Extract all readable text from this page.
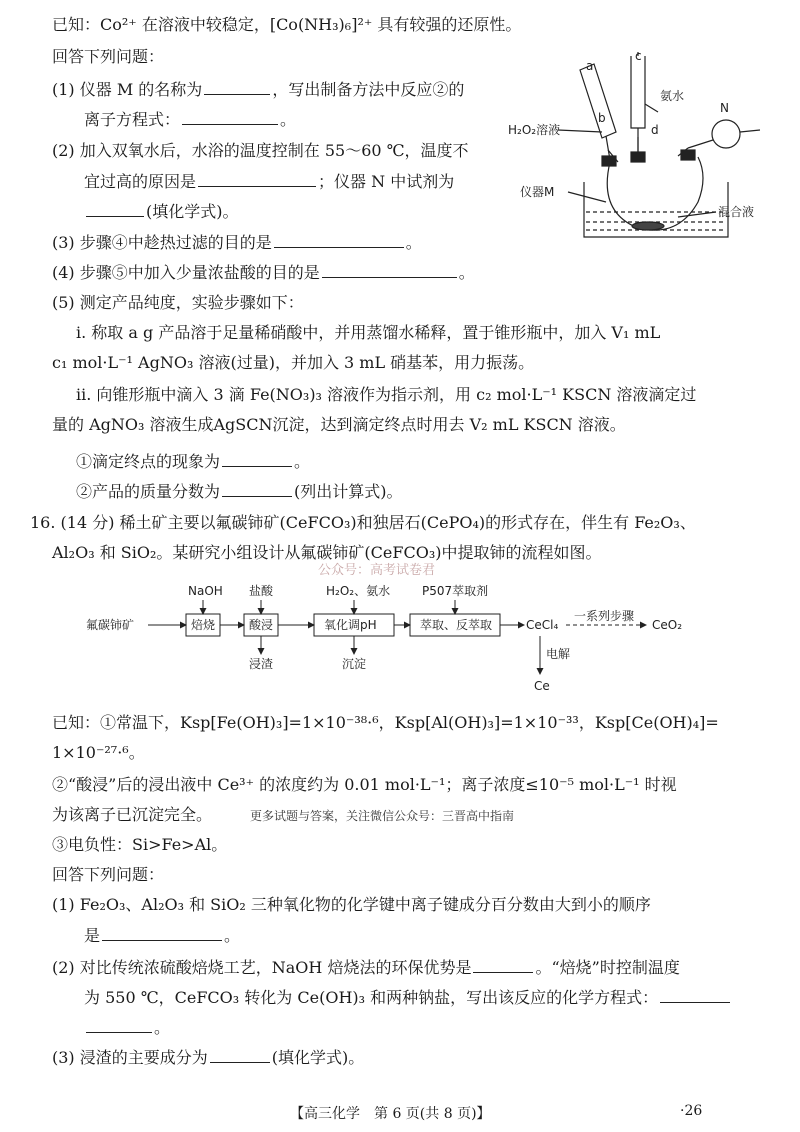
已知：Co²⁺ 在溶液中较稳定，[Co(NH₃)₆]²⁺ 具有较强的还原性。
回答下列问题：
(1) 仪器 M 的名称为	，写出制备方法中反应②的
离子方程式：	。
(2) 加入双氧水后，水浴的温度控制在 55～60 ℃，温度不
宜过高的原因是	；仪器 N 中试剂为
(填化学式)。
(3) 步骤④中趁热过滤的目的是	。
(4) 步骤⑤中加入少量浓盐酸的目的是	。
(5) 测定产品纯度，实验步骤如下：
ⅰ. 称取 a g 产品溶于足量稀硝酸中，并用蒸馏水稀释，置于锥形瓶中，加入 V₁ mL
c₁ mol·L⁻¹ AgNO₃ 溶液(过量)，并加入 3 mL 硝基苯，用力振荡。
ⅱ. 向锥形瓶中滴入 3 滴 Fe(NO₃)₃ 溶液作为指示剂，用 c₂ mol·L⁻¹ KSCN 溶液滴定过
量的 AgNO₃ 溶液生成AgSCN沉淀，达到滴定终点时用去 V₂ mL KSCN 溶液。
①滴定终点的现象为	。
②产品的质量分数为	(列出计算式)。
a
b
c
d
N
H₂O₂溶液
氨水
仪器M
混合液
16. (14 分) 稀土矿主要以氟碳铈矿(CeFCO₃)和独居石(CePO₄)的形式存在，伴生有 Fe₂O₃、
Al₂O₃ 和 SiO₂。某研究小组设计从氟碳铈矿(CeFCO₃)中提取铈的流程如图。
公众号：高考试卷君
氟碳铈矿
NaOH 盐酸	H₂O₂、氨水	P507萃取剂
焙烧	酸浸	氧化调pH	萃取、反萃取	CeCl₄
一系列步骤
CeO₂
浸渣	沉淀
电解
Ce
已知：①常温下，Ksp[Fe(OH)₃]=1×10⁻³⁸·⁶，Ksp[Al(OH)₃]=1×10⁻³³，Ksp[Ce(OH)₄]=
1×10⁻²⁷·⁶。
②“酸浸”后的浸出液中 Ce³⁺ 的浓度约为 0.01 mol·L⁻¹；离子浓度≤10⁻⁵ mol·L⁻¹ 时视
为该离子已沉淀完全。	更多试题与答案，关注微信公众号：三晋高中指南
③电负性：Si>Fe>Al。
回答下列问题：
(1) Fe₂O₃、Al₂O₃ 和 SiO₂ 三种氧化物的化学键中离子键成分百分数由大到小的顺序
是	。
(2) 对比传统浓硫酸焙烧工艺，NaOH 焙烧法的环保优势是	。“焙烧”时控制温度
为 550 ℃，CeFCO₃ 转化为 Ce(OH)₃ 和两种钠盐，写出该反应的化学方程式：
。
(3) 浸渣的主要成分为	(填化学式)。
【高三化学　第 6 页(共 8 页)】	·26
